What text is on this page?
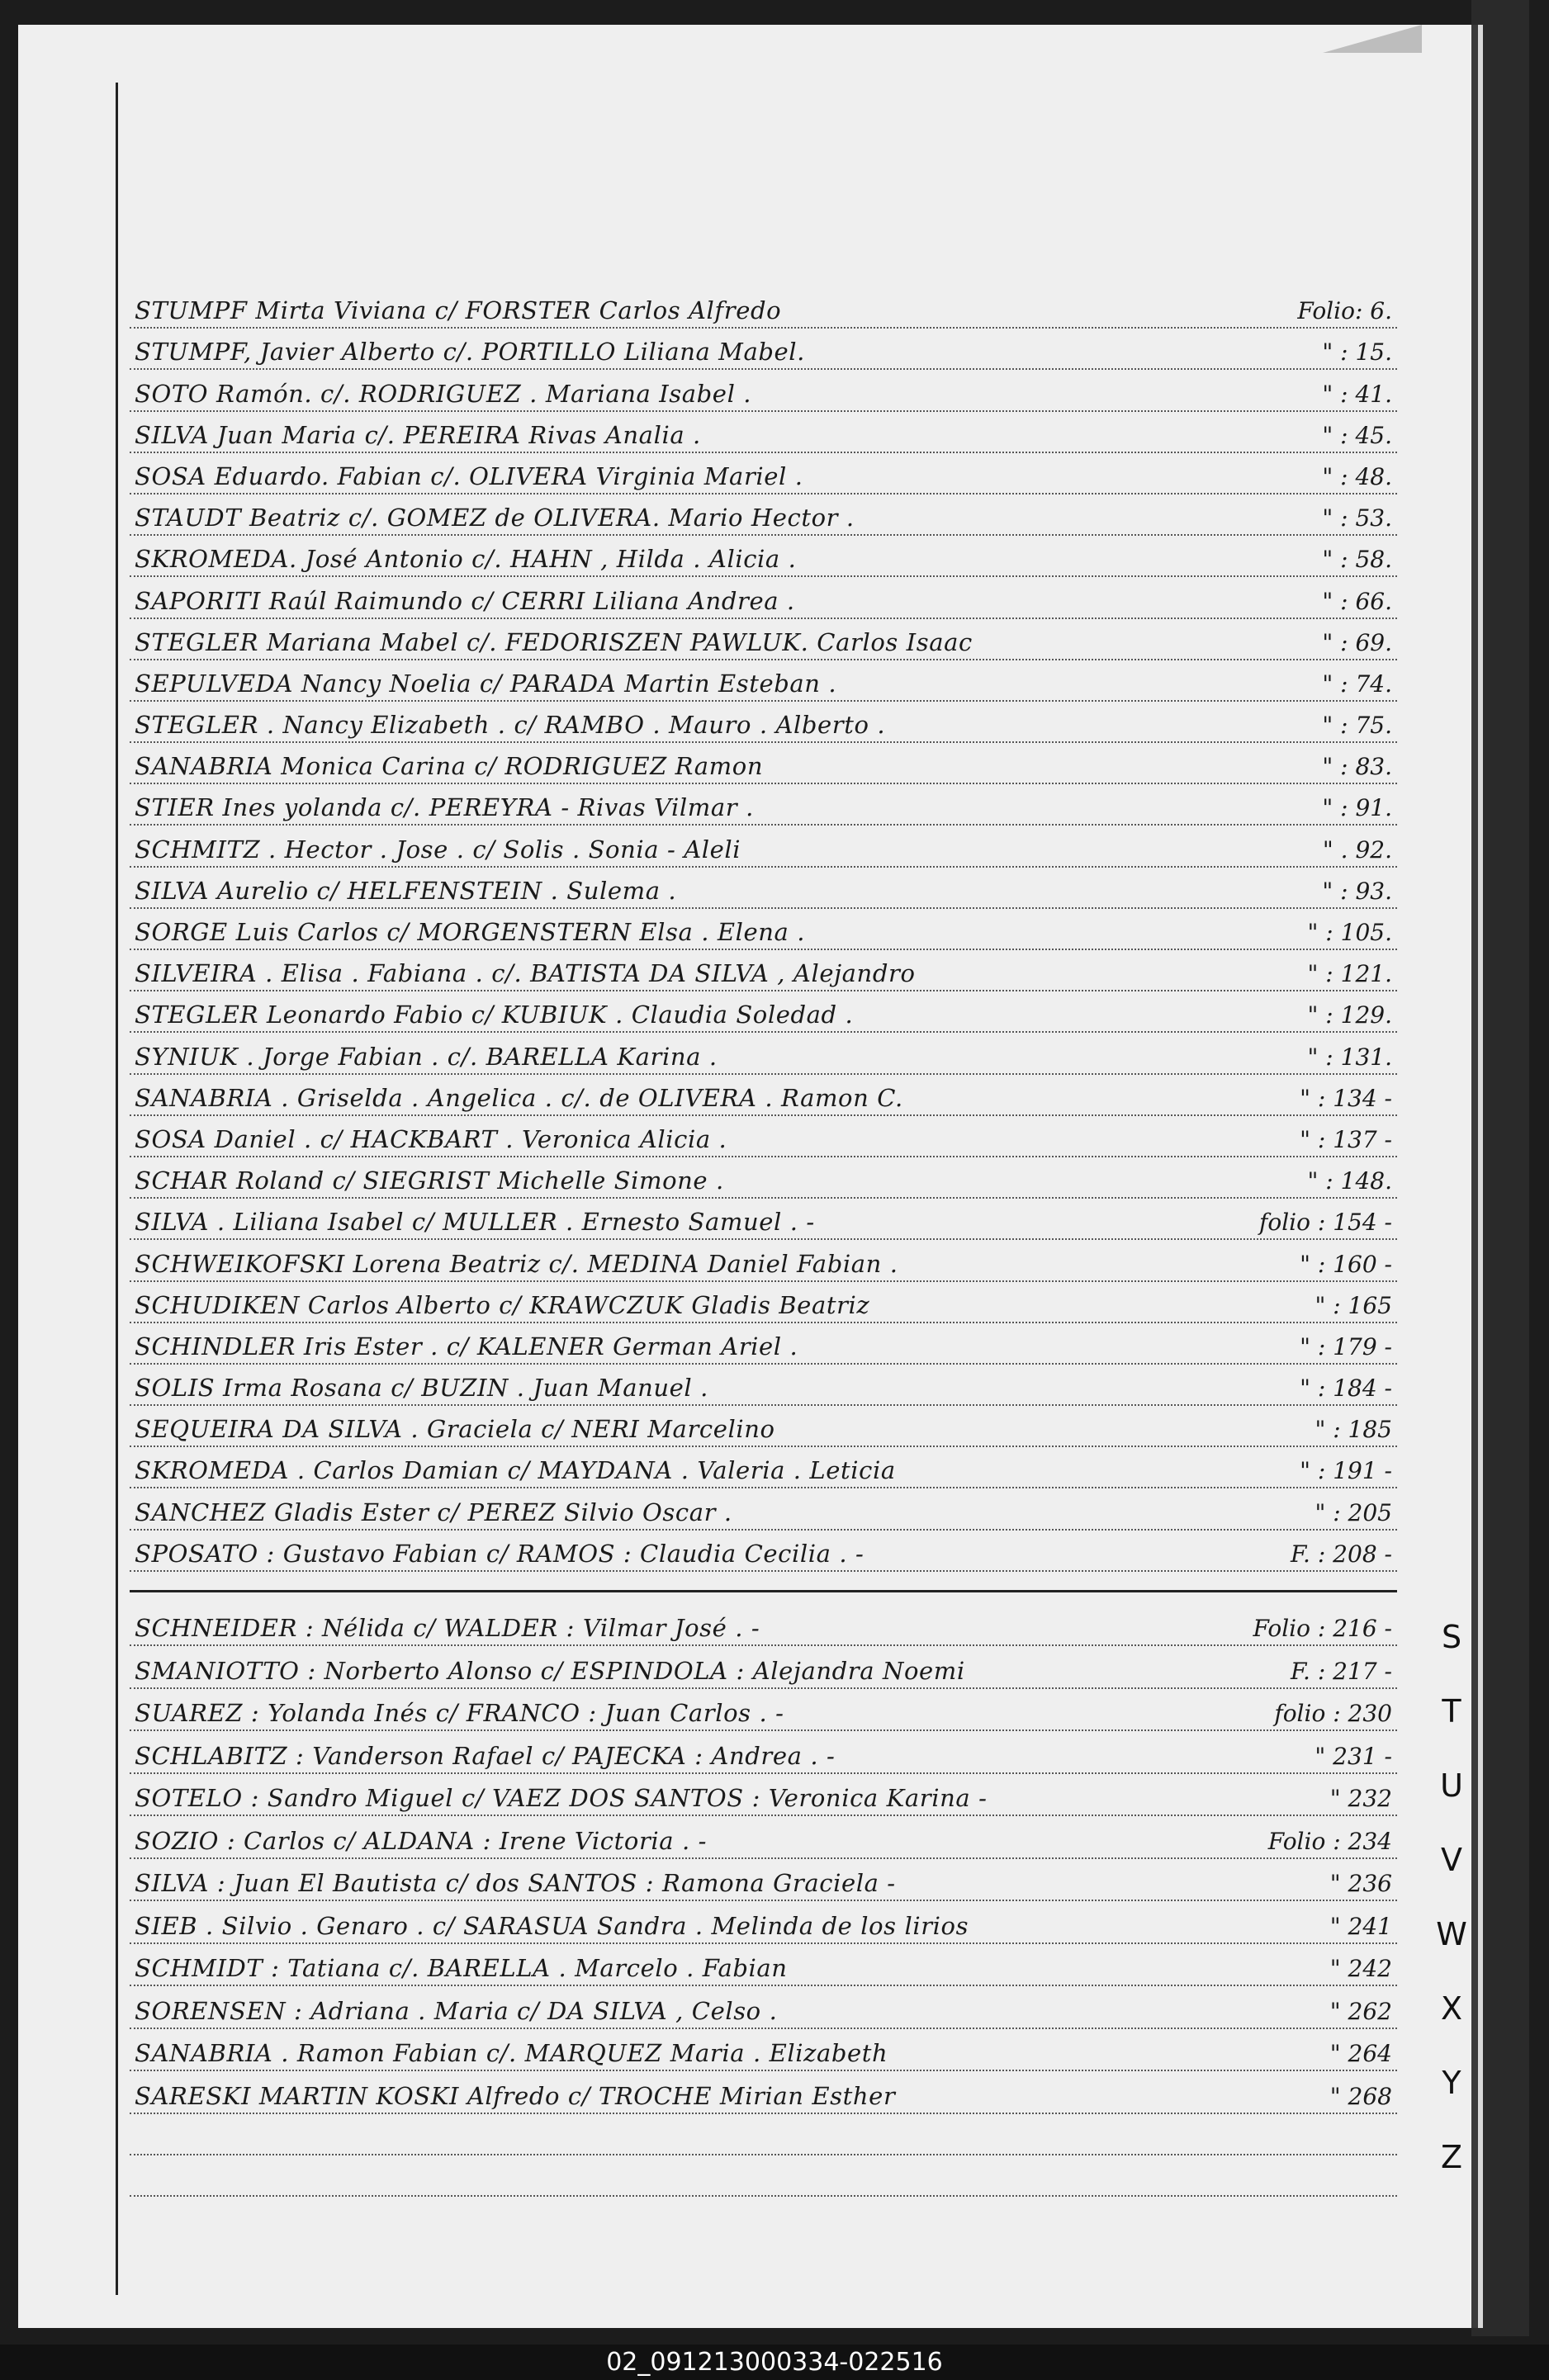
STUMPF Mirta Viviana c/ FORSTER Carlos Alfredo	Folio: 6.
STUMPF, Javier Alberto c/. PORTILLO Liliana Mabel.	" : 15.
SOTO Ramón. c/. RODRIGUEZ . Mariana Isabel .	" : 41.
SILVA Juan Maria c/. PEREIRA Rivas Analia .	" : 45.
SOSA Eduardo. Fabian c/. OLIVERA Virginia Mariel .	" : 48.
STAUDT Beatriz c/. GOMEZ de OLIVERA. Mario Hector .	" : 53.
SKROMEDA. José Antonio c/. HAHN , Hilda . Alicia .	" : 58.
SAPORITI Raúl Raimundo c/ CERRI Liliana Andrea .	" : 66.
STEGLER Mariana Mabel c/. FEDORISZEN PAWLUK. Carlos Isaac	" : 69.
SEPULVEDA Nancy Noelia c/ PARADA Martin Esteban .	" : 74.
STEGLER . Nancy Elizabeth . c/ RAMBO . Mauro . Alberto .	" : 75.
SANABRIA Monica Carina c/ RODRIGUEZ Ramon	" : 83.
STIER Ines yolanda c/. PEREYRA - Rivas Vilmar .	" : 91.
SCHMITZ . Hector . Jose . c/ Solis . Sonia - Aleli	" . 92.
SILVA Aurelio c/ HELFENSTEIN . Sulema .	" : 93.
SORGE Luis Carlos c/ MORGENSTERN Elsa . Elena .	" : 105.
SILVEIRA . Elisa . Fabiana . c/. BATISTA DA SILVA , Alejandro	" : 121.
STEGLER Leonardo Fabio c/ KUBIUK . Claudia Soledad .	" : 129.
SYNIUK . Jorge Fabian . c/. BARELLA Karina .	" : 131.
SANABRIA . Griselda . Angelica . c/. de OLIVERA . Ramon C.	" : 134 -
SOSA Daniel . c/ HACKBART . Veronica Alicia .	" : 137 -
SCHAR Roland c/ SIEGRIST Michelle Simone .	" : 148.
SILVA . Liliana Isabel c/ MULLER . Ernesto Samuel . -	folio : 154 -
SCHWEIKOFSKI Lorena Beatriz c/. MEDINA Daniel Fabian .	" : 160 -
SCHUDIKEN Carlos Alberto c/ KRAWCZUK Gladis Beatriz	" : 165
SCHINDLER Iris Ester . c/ KALENER German Ariel .	" : 179 -
SOLIS Irma Rosana c/ BUZIN . Juan Manuel .	" : 184 -
SEQUEIRA DA SILVA . Graciela c/ NERI Marcelino	" : 185
SKROMEDA . Carlos Damian c/ MAYDANA . Valeria . Leticia	" : 191 -
SANCHEZ Gladis Ester c/ PEREZ Silvio Oscar .	" : 205
SPOSATO : Gustavo Fabian c/ RAMOS : Claudia Cecilia . -	F. : 208 -
SCHNEIDER : Nélida c/ WALDER : Vilmar José . -	Folio : 216 -
SMANIOTTO : Norberto Alonso c/ ESPINDOLA : Alejandra Noemi	F. : 217 -
SUAREZ : Yolanda Inés c/ FRANCO : Juan Carlos . -	folio : 230
SCHLABITZ : Vanderson Rafael c/ PAJECKA : Andrea . -	" 231 -
SOTELO : Sandro Miguel c/ VAEZ DOS SANTOS : Veronica Karina -	" 232
SOZIO : Carlos c/ ALDANA : Irene Victoria . -	Folio : 234
SILVA : Juan El Bautista c/ dos SANTOS : Ramona Graciela -	" 236
SIEB . Silvio . Genaro . c/ SARASUA Sandra . Melinda de los lirios	" 241
SCHMIDT : Tatiana c/. BARELLA . Marcelo . Fabian	" 242
SORENSEN : Adriana . Maria c/ DA SILVA , Celso .	" 262
SANABRIA . Ramon Fabian c/. MARQUEZ Maria . Elizabeth	" 264
SARESKI MARTIN KOSKI Alfredo c/ TROCHE Mirian Esther	" 268
S
T
U
V
W
X
Y
Z
02_091213000334-022516
